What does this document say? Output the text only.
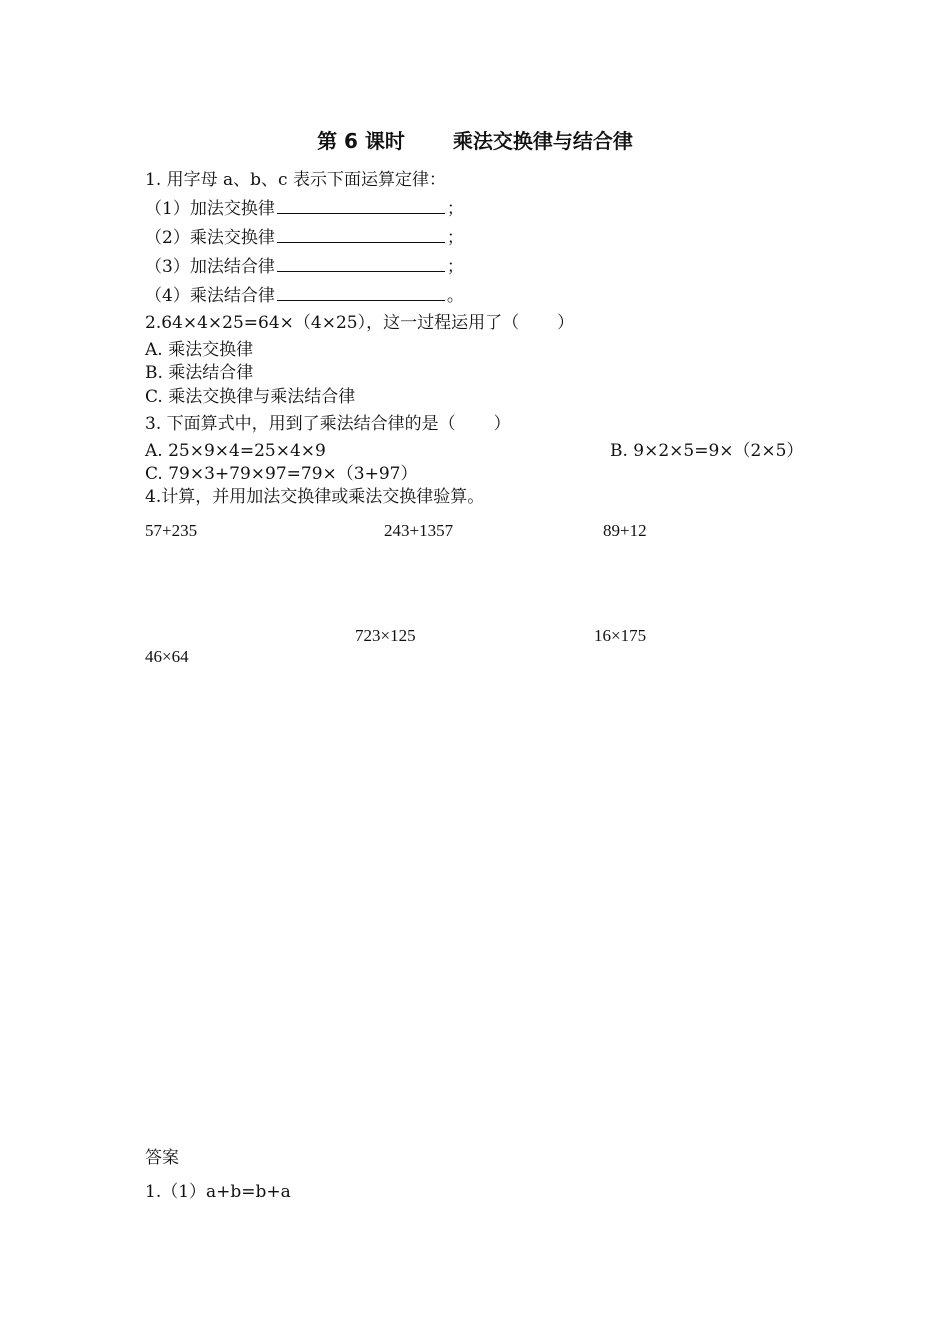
第 6 课时 乘法交换律与结合律
1. 用字母 a、b、c 表示下面运算定律：
（1）加法交换律	；
（2）乘法交换律	；
（3）加法结合律	；
（4）乘法结合律	。
2.64×4×25=64×（4×25），这一过程运用了（ ）
A. 乘法交换律
B. 乘法结合律
C. 乘法交换律与乘法结合律
3. 下面算式中，用到了乘法结合律的是（ ）
A. 25×9×4=25×4×9	B. 9×2×5=9×（2×5）
C. 79×3+79×97=79×（3+97）
4.计算，并用加法交换律或乘法交换律验算。
57+235	243+1357	89+12
723×125	16×175
46×64
答案
1.（1）a+b=b+a
